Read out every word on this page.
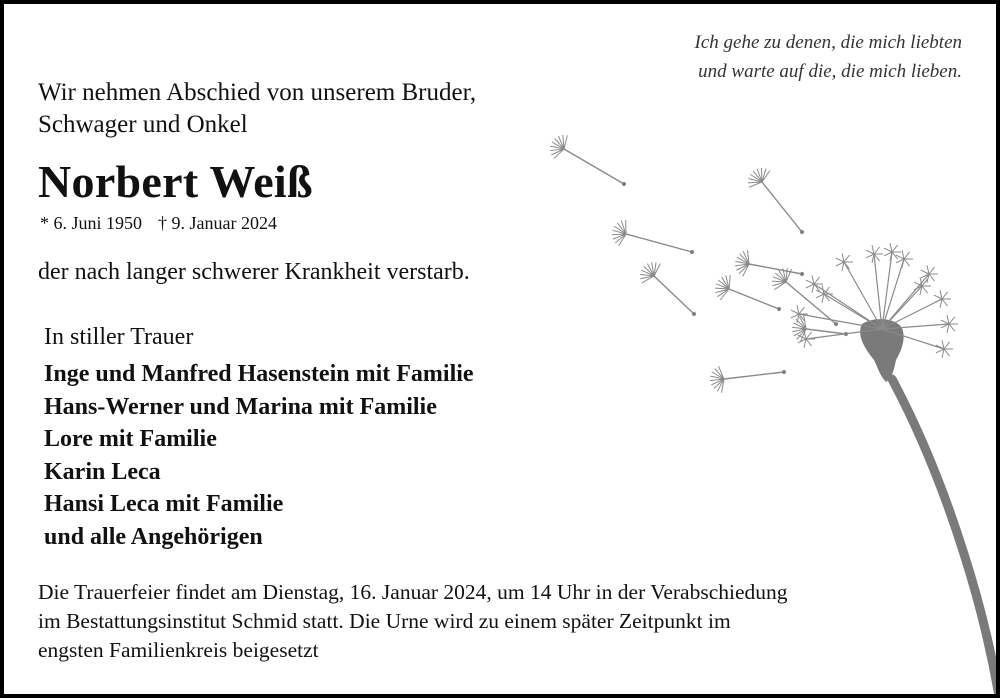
Ich gehe zu denen, die mich liebten
und warte auf die, die mich lieben.
Wir nehmen Abschied von unserem Bruder,
Schwager und Onkel
Norbert Weiß
* 6. Juni 1950 † 9. Januar 2024
der nach langer schwerer Krankheit verstarb.
In stiller Trauer
Inge und Manfred Hasenstein mit Familie
Hans-Werner und Marina mit Familie
Lore mit Familie
Karin Leca
Hansi Leca mit Familie
und alle Angehörigen
Die Trauerfeier findet am Dienstag, 16. Januar 2024, um 14 Uhr in der Verabschiedung
im Bestattungsinstitut Schmid statt. Die Urne wird zu einem später Zeitpunkt im
engsten Familienkreis beigesetzt
